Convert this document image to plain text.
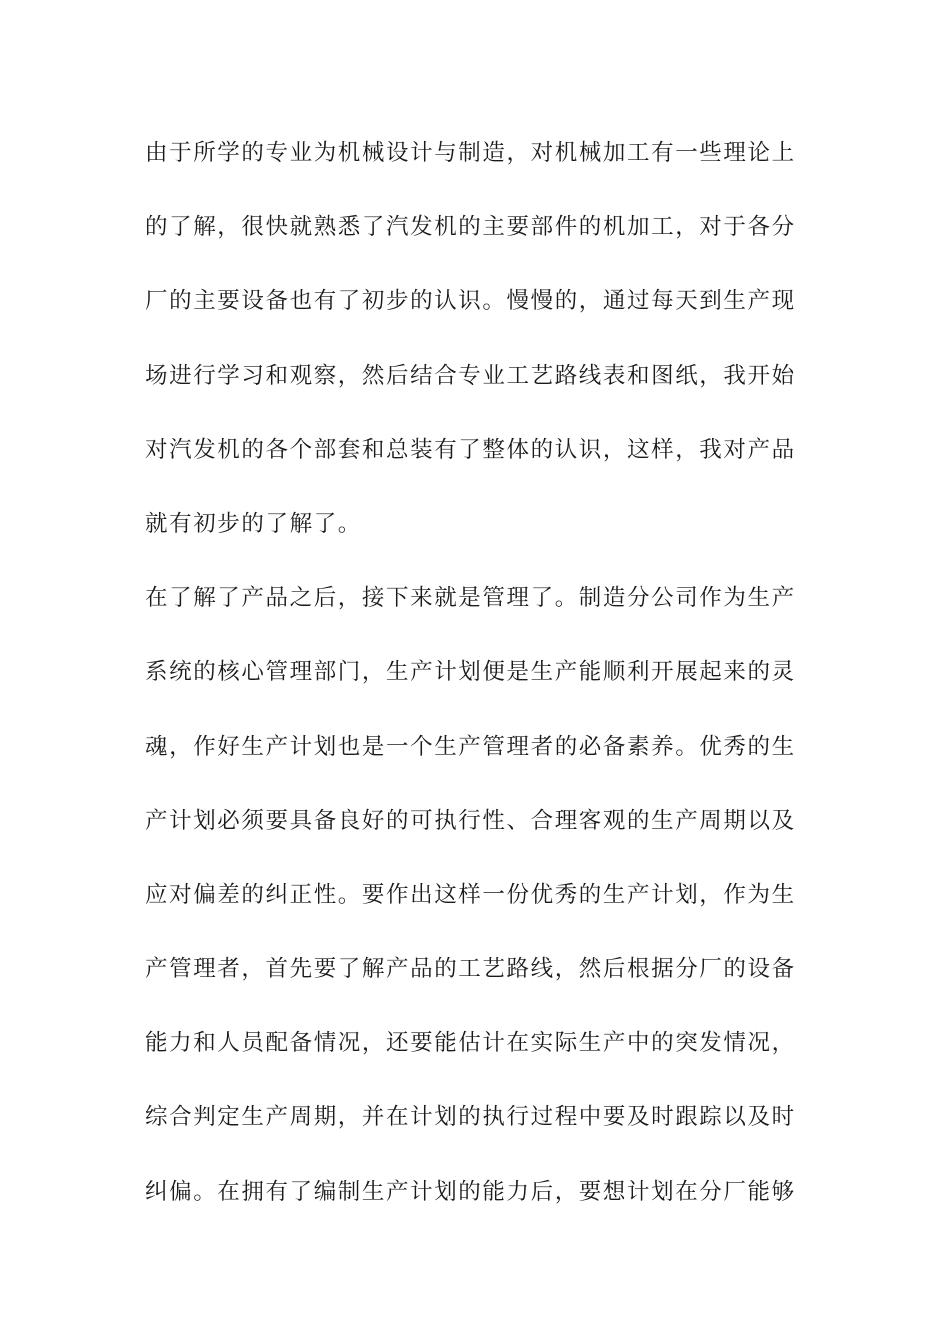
由于所学的专业为机械设计与制造，对机械加工有一些理论上
的了解，很快就熟悉了汽发机的主要部件的机加工，对于各分
厂的主要设备也有了初步的认识。慢慢的，通过每天到生产现
场进行学习和观察，然后结合专业工艺路线表和图纸，我开始
对汽发机的各个部套和总装有了整体的认识，这样，我对产品
就有初步的了解了。
在了解了产品之后，接下来就是管理了。制造分公司作为生产
系统的核心管理部门，生产计划便是生产能顺利开展起来的灵
魂，作好生产计划也是一个生产管理者的必备素养。优秀的生
产计划必须要具备良好的可执行性、合理客观的生产周期以及
应对偏差的纠正性。要作出这样一份优秀的生产计划，作为生
产管理者，首先要了解产品的工艺路线，然后根据分厂的设备
能力和人员配备情况，还要能估计在实际生产中的突发情况，
综合判定生产周期，并在计划的执行过程中要及时跟踪以及时
纠偏。在拥有了编制生产计划的能力后，要想计划在分厂能够
